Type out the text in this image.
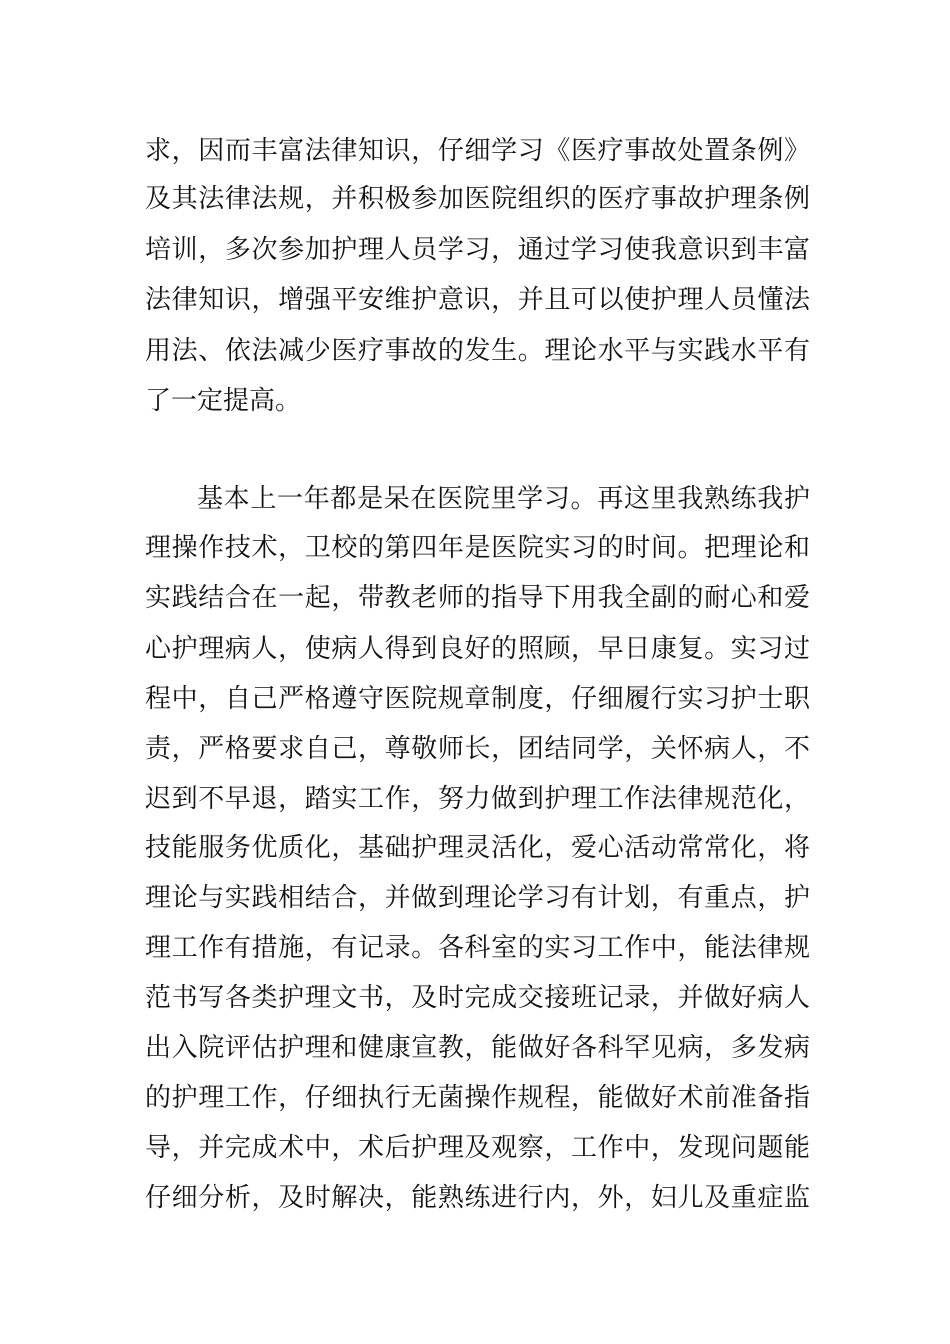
求，因而丰富法律知识，仔细学习《医疗事故处置条例》
及其法律法规，并积极参加医院组织的医疗事故护理条例
培训，多次参加护理人员学习，通过学习使我意识到丰富
法律知识，增强平安维护意识，并且可以使护理人员懂法
用法、依法减少医疗事故的发生。理论水平与实践水平有
了一定提高。
基本上一年都是呆在医院里学习。再这里我熟练我护
理操作技术，卫校的第四年是医院实习的时间。把理论和
实践结合在一起，带教老师的指导下用我全副的耐心和爱
心护理病人，使病人得到良好的照顾，早日康复。实习过
程中，自己严格遵守医院规章制度，仔细履行实习护士职
责，严格要求自己，尊敬师长，团结同学，关怀病人，不
迟到不早退，踏实工作，努力做到护理工作法律规范化，
技能服务优质化，基础护理灵活化，爱心活动常常化，将
理论与实践相结合，并做到理论学习有计划，有重点，护
理工作有措施，有记录。各科室的实习工作中，能法律规
范书写各类护理文书，及时完成交接班记录，并做好病人
出入院评估护理和健康宣教，能做好各科罕见病，多发病
的护理工作，仔细执行无菌操作规程，能做好术前准备指
导，并完成术中，术后护理及观察，工作中，发现问题能
仔细分析，及时解决，能熟练进行内，外，妇儿及重症监
